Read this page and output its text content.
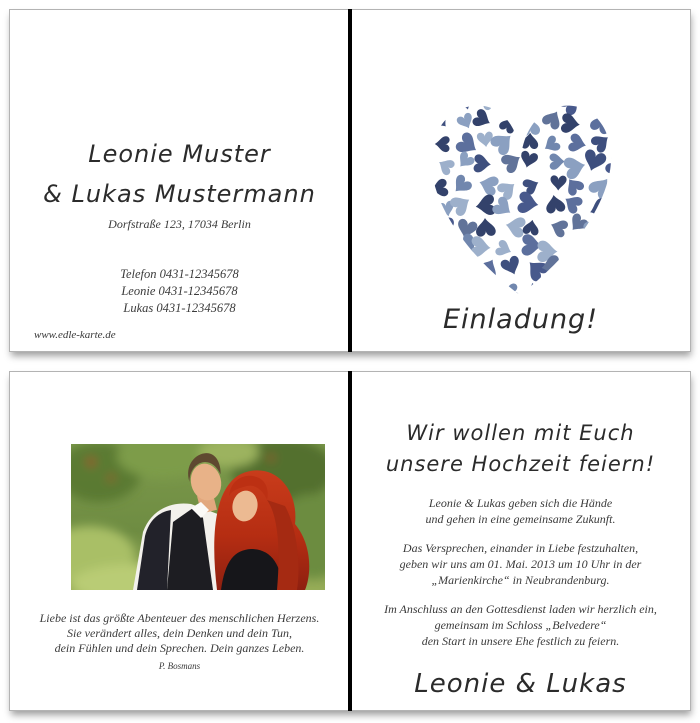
Leonie Muster
& Lukas Mustermann
Dorfstraße 123, 17034 Berlin
Telefon 0431-12345678
Leonie 0431-12345678
Lukas 0431-12345678
www.edle-karte.de	Einladung!
Liebe ist das größte Abenteuer des menschlichen Herzens.
Sie verändert alles, dein Denken und dein Tun,
dein Fühlen und dein Sprechen. Dein ganzes Leben.
P. Bosmans
Wir wollen mit Euch
unsere Hochzeit feiern!
Leonie & Lukas geben sich die Hände
und gehen in eine gemeinsame Zukunft.
Das Versprechen, einander in Liebe festzuhalten,
geben wir uns am 01. Mai. 2013 um 10 Uhr in der
„Marienkirche“ in Neubrandenburg.
Im Anschluss an den Gottesdienst laden wir herzlich ein,
gemeinsam im Schloss „Belvedere“
den Start in unsere Ehe festlich zu feiern.
Leonie & Lukas
